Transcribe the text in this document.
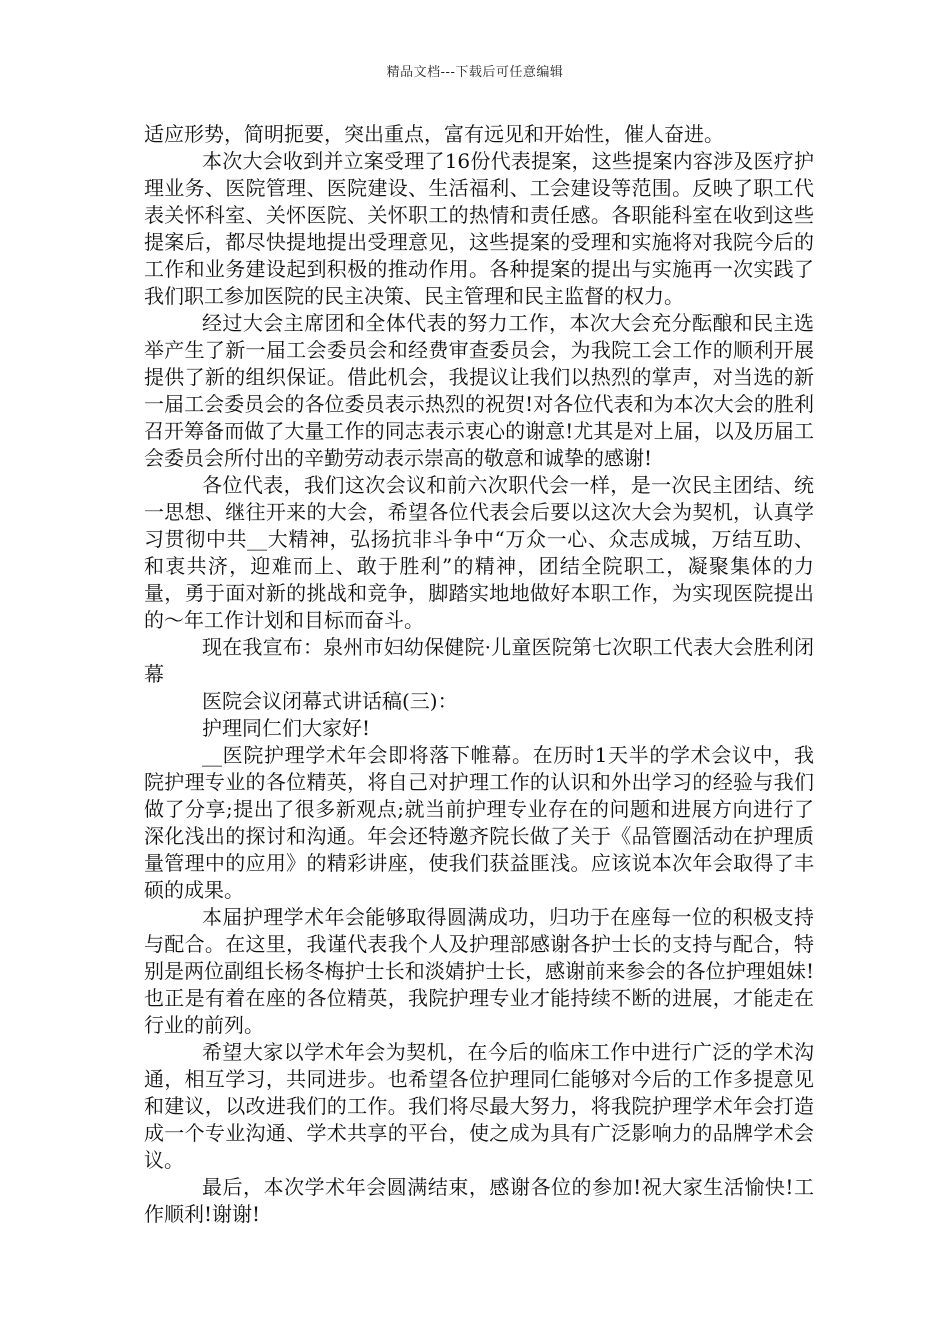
精品文档---下载后可任意编辑

适应形势，简明扼要，突出重点，富有远见和开始性，催人奋进。

本次大会收到并立案受理了16份代表提案，这些提案内容涉及医疗护理业务、医院管理、医院建设、生活福利、工会建设等范围。反映了职工代表关怀科室、关怀医院、关怀职工的热情和责任感。各职能科室在收到这些提案后，都尽快提地提出受理意见，这些提案的受理和实施将对我院今后的工作和业务建设起到积极的推动作用。各种提案的提出与实施再一次实践了我们职工参加医院的民主决策、民主管理和民主监督的权力。

经过大会主席团和全体代表的努力工作，本次大会充分酝酿和民主选举产生了新一届工会委员会和经费审查委员会，为我院工会工作的顺利开展提供了新的组织保证。借此机会，我提议让我们以热烈的掌声，对当选的新一届工会委员会的各位委员表示热烈的祝贺!对各位代表和为本次大会的胜利召开筹备而做了大量工作的同志表示衷心的谢意!尤其是对上届，以及历届工会委员会所付出的辛勤劳动表示崇高的敬意和诚挚的感谢!

各位代表，我们这次会议和前六次职代会一样，是一次民主团结、统一思想、继往开来的大会，希望各位代表会后要以这次大会为契机，认真学习贯彻中共__大精神，弘扬抗非斗争中“万众一心、众志成城，万结互助、和衷共济，迎难而上、敢于胜利”的精神，团结全院职工，凝聚集体的力量，勇于面对新的挑战和竞争，脚踏实地地做好本职工作，为实现医院提出的～年工作计划和目标而奋斗。

现在我宣布：泉州市妇幼保健院·儿童医院第七次职工代表大会胜利闭幕

医院会议闭幕式讲话稿(三)：

护理同仁们大家好!

__医院护理学术年会即将落下帷幕。在历时1天半的学术会议中，我院护理专业的各位精英，将自己对护理工作的认识和外出学习的经验与我们做了分享;提出了很多新观点;就当前护理专业存在的问题和进展方向进行了深化浅出的探讨和沟通。年会还特邀齐院长做了关于《品管圈活动在护理质量管理中的应用》的精彩讲座，使我们获益匪浅。应该说本次年会取得了丰硕的成果。

本届护理学术年会能够取得圆满成功，归功于在座每一位的积极支持与配合。在这里，我谨代表我个人及护理部感谢各护士长的支持与配合，特别是两位副组长杨冬梅护士长和淡婧护士长，感谢前来参会的各位护理姐妹!也正是有着在座的各位精英，我院护理专业才能持续不断的进展，才能走在行业的前列。

希望大家以学术年会为契机，在今后的临床工作中进行广泛的学术沟通，相互学习，共同进步。也希望各位护理同仁能够对今后的工作多提意见和建议，以改进我们的工作。我们将尽最大努力，将我院护理学术年会打造成一个专业沟通、学术共享的平台，使之成为具有广泛影响力的品牌学术会议。

最后，本次学术年会圆满结束，感谢各位的参加!祝大家生活愉快!工作顺利!谢谢!
